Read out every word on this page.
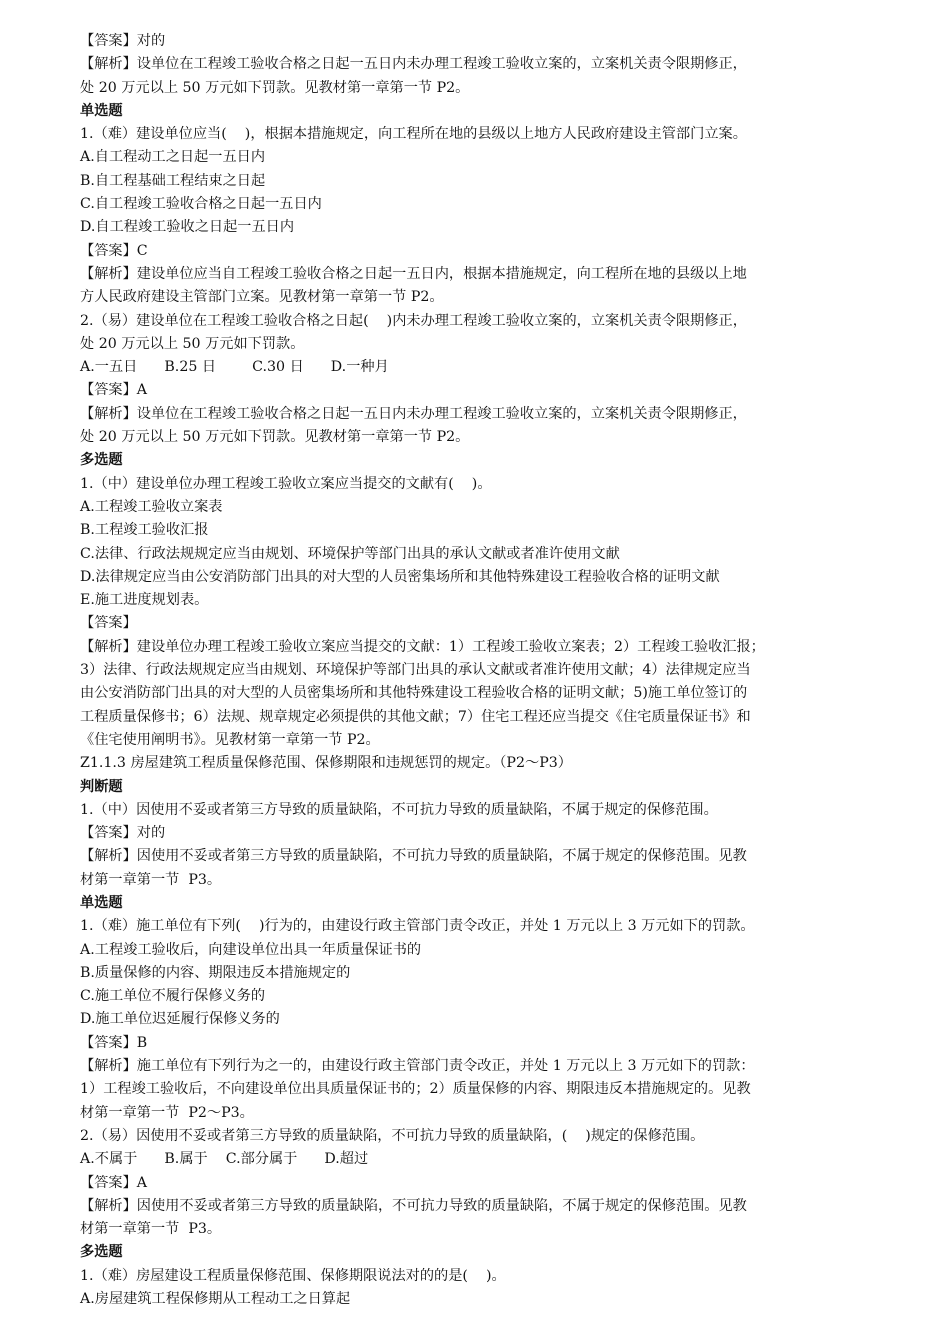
【答案】对的
【解析】设单位在工程竣工验收合格之日起一五日内未办理工程竣工验收立案的，立案机关责令限期修正，
处 20 万元以上 50 万元如下罚款。见教材第一章第一节 P2。
单选题
1.（难）建设单位应当(    )，根据本措施规定，向工程所在地的县级以上地方人民政府建设主管部门立案。
A.自工程动工之日起一五日内
B.自工程基础工程结束之日起
C.自工程竣工验收合格之日起一五日内
D.自工程竣工验收之日起一五日内
【答案】C
【解析】建设单位应当自工程竣工验收合格之日起一五日内，根据本措施规定，向工程所在地的县级以上地
方人民政府建设主管部门立案。见教材第一章第一节 P2。
2.（易）建设单位在工程竣工验收合格之日起(    )内未办理工程竣工验收立案的，立案机关责令限期修正，
处 20 万元以上 50 万元如下罚款。
A.一五日      B.25 日        C.30 日      D.一种月
【答案】A
【解析】设单位在工程竣工验收合格之日起一五日内未办理工程竣工验收立案的，立案机关责令限期修正，
处 20 万元以上 50 万元如下罚款。见教材第一章第一节 P2。
多选题
1.（中）建设单位办理工程竣工验收立案应当提交的文献有(    )。
A.工程竣工验收立案表
B.工程竣工验收汇报
C.法律、行政法规规定应当由规划、环境保护等部门出具的承认文献或者准许使用文献
D.法律规定应当由公安消防部门出具的对大型的人员密集场所和其他特殊建设工程验收合格的证明文献
E.施工进度规划表。
【答案】
【解析】建设单位办理工程竣工验收立案应当提交的文献：1）工程竣工验收立案表；2）工程竣工验收汇报；
3）法律、行政法规规定应当由规划、环境保护等部门出具的承认文献或者准许使用文献；4）法律规定应当
由公安消防部门出具的对大型的人员密集场所和其他特殊建设工程验收合格的证明文献；5)施工单位签订的
工程质量保修书；6）法规、规章规定必须提供的其他文献；7）住宅工程还应当提交《住宅质量保证书》和
《住宅使用阐明书》。见教材第一章第一节 P2。
Z1.1.3 房屋建筑工程质量保修范围、保修期限和违规惩罚的规定。（P2～P3）
判断题
1.（中）因使用不妥或者第三方导致的质量缺陷，不可抗力导致的质量缺陷，不属于规定的保修范围。
【答案】对的
【解析】因使用不妥或者第三方导致的质量缺陷，不可抗力导致的质量缺陷，不属于规定的保修范围。见教
材第一章第一节  P3。
单选题
1.（难）施工单位有下列(    )行为的，由建设行政主管部门责令改正，并处 1 万元以上 3 万元如下的罚款。
A.工程竣工验收后，向建设单位出具一年质量保证书的
B.质量保修的内容、期限违反本措施规定的
C.施工单位不履行保修义务的
D.施工单位迟延履行保修义务的
【答案】B
【解析】施工单位有下列行为之一的，由建设行政主管部门责令改正，并处 1 万元以上 3 万元如下的罚款：
1）工程竣工验收后，不向建设单位出具质量保证书的；2）质量保修的内容、期限违反本措施规定的。见教
材第一章第一节  P2～P3。
2.（易）因使用不妥或者第三方导致的质量缺陷，不可抗力导致的质量缺陷，(    )规定的保修范围。
A.不属于      B.属于    C.部分属于      D.超过
【答案】A
【解析】因使用不妥或者第三方导致的质量缺陷，不可抗力导致的质量缺陷，不属于规定的保修范围。见教
材第一章第一节  P3。
多选题
1.（难）房屋建设工程质量保修范围、保修期限说法对的的是(    )。
A.房屋建筑工程保修期从工程动工之日算起
